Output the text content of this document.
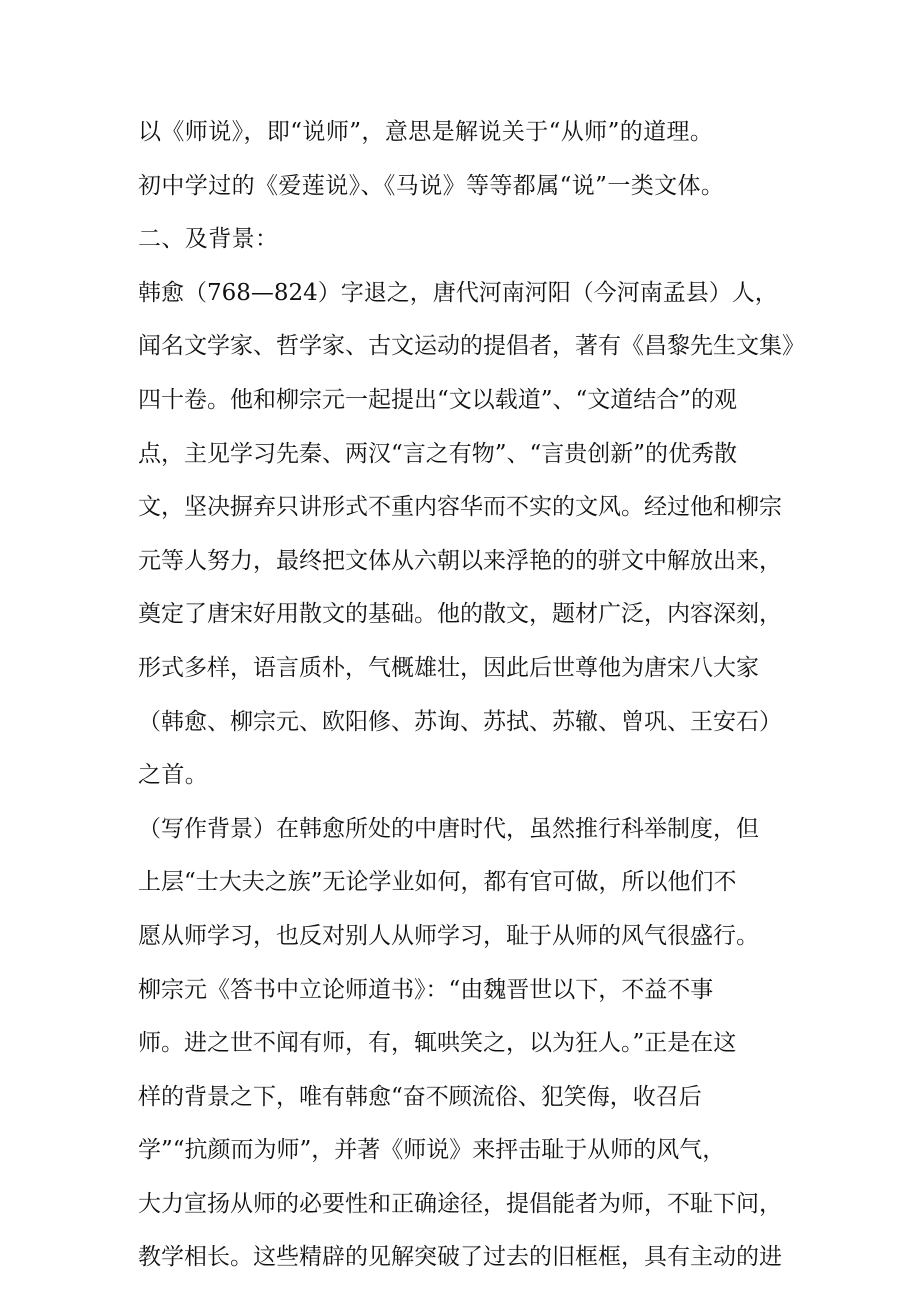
以《师说》，即“说师”，意思是解说关于“从师”的道理。
初中学过的《爱莲说》、《马说》等等都属“说”一类文体。
二、及背景：
韩愈（768—824）字退之，唐代河南河阳（今河南孟县）人，
闻名文学家、哲学家、古文运动的提倡者，著有《昌黎先生文集》
四十卷。他和柳宗元一起提出“文以载道”、“文道结合”的观
点，主见学习先秦、两汉“言之有物”、“言贵创新”的优秀散
文，坚决摒弃只讲形式不重内容华而不实的文风。经过他和柳宗
元等人努力，最终把文体从六朝以来浮艳的的骈文中解放出来，
奠定了唐宋好用散文的基础。他的散文，题材广泛，内容深刻，
形式多样，语言质朴，气概雄壮，因此后世尊他为唐宋八大家
（韩愈、柳宗元、欧阳修、苏询、苏拭、苏辙、曾巩、王安石）
之首。
（写作背景）在韩愈所处的中唐时代，虽然推行科举制度，但
上层“士大夫之族”无论学业如何，都有官可做，所以他们不
愿从师学习，也反对别人从师学习，耻于从师的风气很盛行。
柳宗元《答书中立论师道书》：“由魏晋世以下，不益不事
师。进之世不闻有师，有，辄哄笑之，以为狂人。”正是在这
样的背景之下，唯有韩愈“奋不顾流俗、犯笑侮，收召后
学”“抗颜而为师”，并著《师说》来抨击耻于从师的风气，
大力宣扬从师的必要性和正确途径，提倡能者为师，不耻下问，
教学相长。这些精辟的见解突破了过去的旧框框，具有主动的进
